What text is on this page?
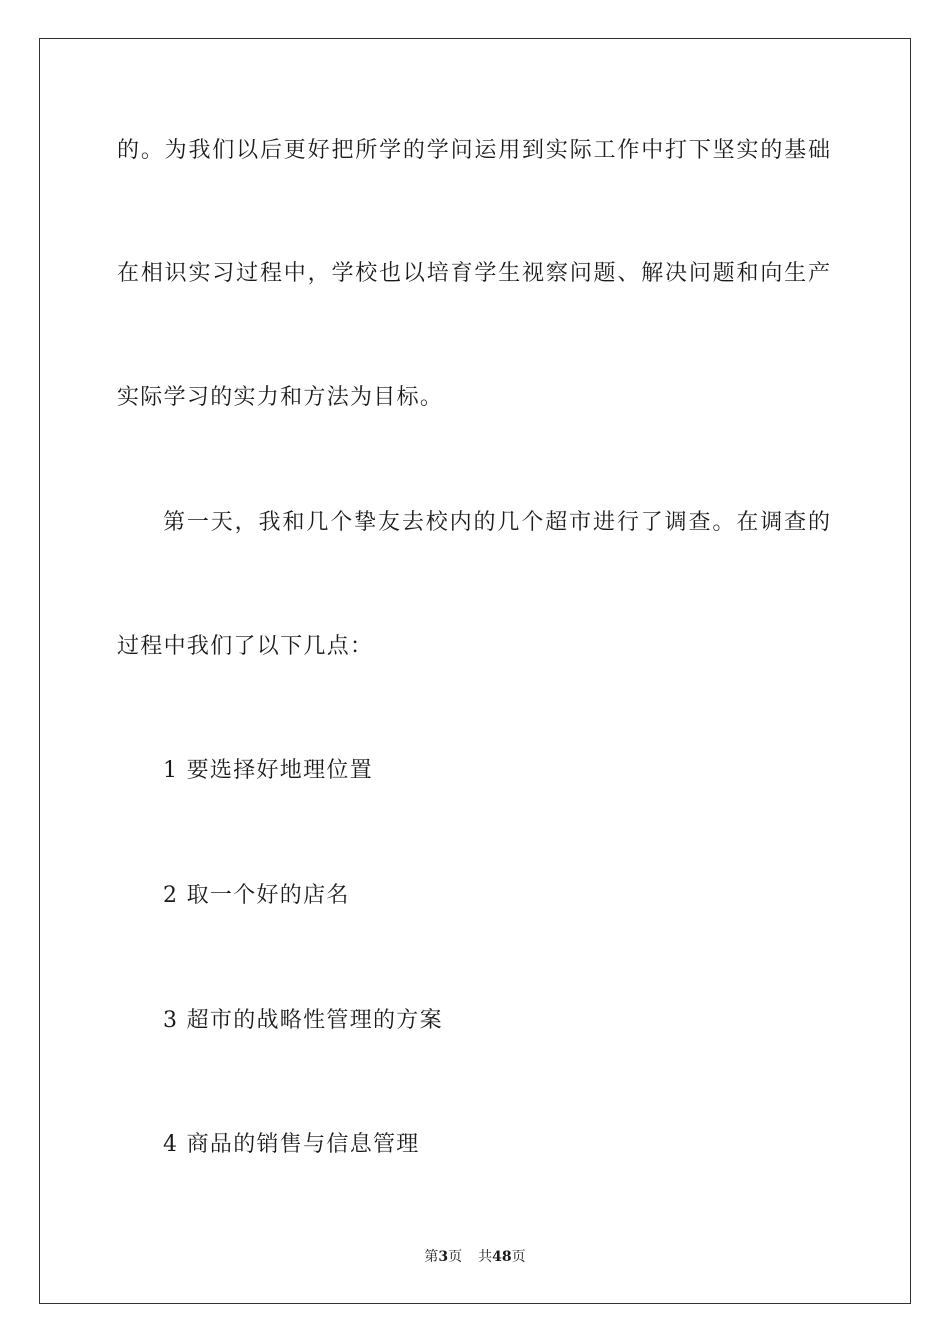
的。为我们以后更好把所学的学问运用到实际工作中打下坚实的基础
在相识实习过程中，学校也以培育学生视察问题、解决问题和向生产
实际学习的实力和方法为目标。
第一天，我和几个挚友去校内的几个超市进行了调查。在调查的
过程中我们了以下几点：
1 要选择好地理位置
2 取一个好的店名
3 超市的战略性管理的方案
4 商品的销售与信息管理
第3页 共48页
